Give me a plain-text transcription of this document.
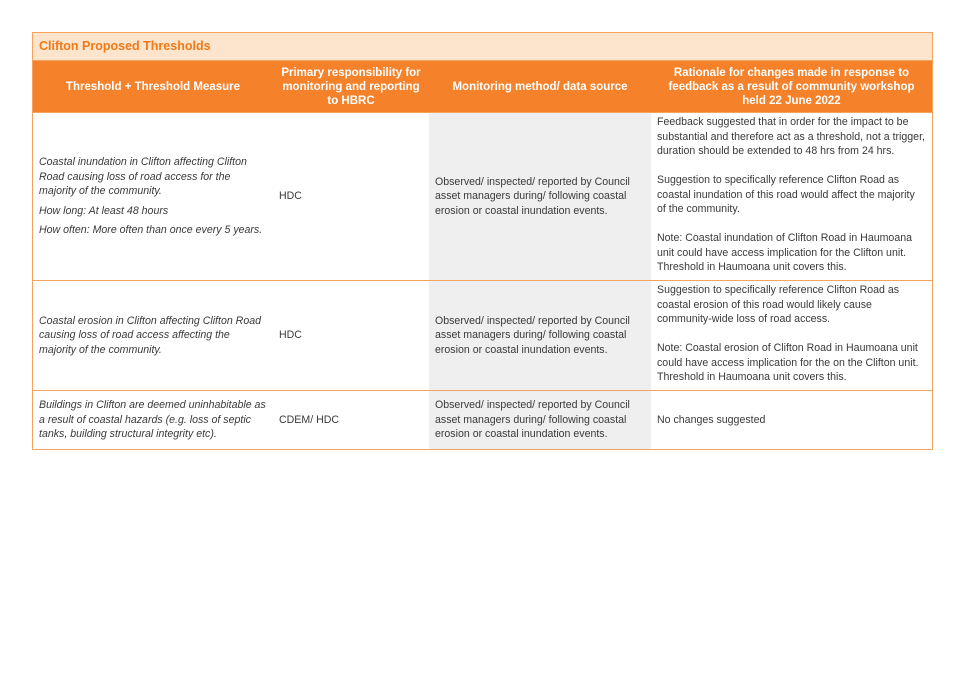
Clifton Proposed Thresholds
Threshold + Threshold Measure
Primary responsibility for monitoring and reporting to HBRC
Monitoring method/ data source
Rationale for changes made in response to feedback as a result of community workshop held 22 June 2022

Coastal inundation in Clifton affecting Clifton Road causing loss of road access for the majority of the community.

How long: At least 48 hours

How often: More often than once every 5 years.

HDC
Observed/ inspected/ reported by Council asset managers during/ following coastal erosion or coastal inundation events.

Feedback suggested that in order for the impact to be substantial and therefore act as a threshold, not a trigger, duration should be extended to 48 hrs from 24 hrs.

Suggestion to specifically reference Clifton Road as coastal inundation of this road would affect the majority of the community.

Note: Coastal inundation of Clifton Road in Haumoana unit could have access implication for the Clifton unit. Threshold in Haumoana unit covers this.

Coastal erosion in Clifton affecting Clifton Road causing loss of road access affecting the majority of the community.

HDC
Observed/ inspected/ reported by Council asset managers during/ following coastal erosion or coastal inundation events.

Suggestion to specifically reference Clifton Road as coastal erosion of this road would likely cause community-wide loss of road access.

Note: Coastal erosion of Clifton Road in Haumoana unit could have access implication for the on the Clifton unit. Threshold in Haumoana unit covers this.

Buildings in Clifton are deemed uninhabitable as a result of coastal hazards (e.g. loss of septic tanks, building structural integrity etc).

CDEM/ HDC
Observed/ inspected/ reported by Council asset managers during/ following coastal erosion or coastal inundation events.

No changes suggested
